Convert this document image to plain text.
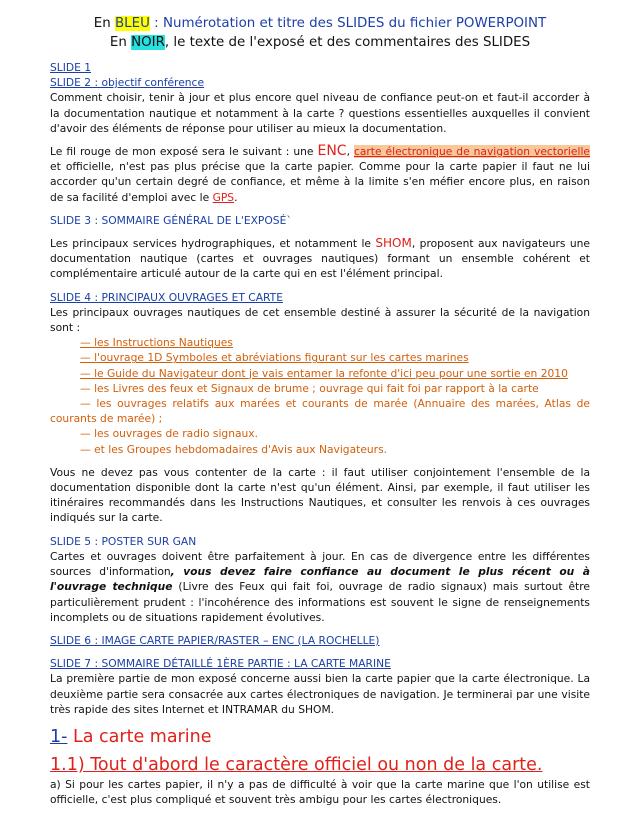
En BLEU : Numérotation et titre des SLIDES du fichier POWERPOINT
En NOIR, le texte de l'exposé et des commentaires des SLIDES

SLIDE 1

SLIDE 2 : objectif conférence

Comment choisir, tenir à jour et plus encore quel niveau de confiance peut-on et faut-il accorder à la documentation nautique et notamment à la carte ? questions essentielles auxquelles il convient d'avoir des éléments de réponse pour utiliser au mieux la documentation.

Le fil rouge de mon exposé sera le suivant : une ENC, carte électronique de navigation vectorielle et officielle, n'est pas plus précise que la carte papier. Comme pour la carte papier il faut ne lui accorder qu'un certain degré de confiance, et même à la limite s'en méfier encore plus, en raison de sa facilité d'emploi avec le GPS.

SLIDE 3 : SOMMAIRE GÉNÉRAL DE L'EXPOSÉ`

Les principaux services hydrographiques, et notamment le SHOM, proposent aux navigateurs une documentation nautique (cartes et ouvrages nautiques) formant un ensemble cohérent et complémentaire articulé autour de la carte qui en est l'élément principal.

SLIDE 4 : PRINCIPAUX OUVRAGES ET CARTE

Les principaux ouvrages nautiques de cet ensemble destiné à assurer la sécurité de la navigation sont :

— les Instructions Nautiques

— l'ouvrage 1D Symboles et abréviations figurant sur les cartes marines

— le Guide du Navigateur dont je vais entamer la refonte d'ici peu pour une sortie en 2010

— les Livres des feux et Signaux de brume ; ouvrage qui fait foi par rapport à la carte

— les ouvrages relatifs aux marées et courants de marée (Annuaire des marées, Atlas de courants de marée) ;

— les ouvrages de radio signaux.

— et les Groupes hebdomadaires d'Avis aux Navigateurs.

Vous ne devez pas vous contenter de la carte : il faut utiliser conjointement l'ensemble de la documentation disponible dont la carte n'est qu'un élément. Ainsi, par exemple, il faut utiliser les itinéraires recommandés dans les Instructions Nautiques, et consulter les renvois à ces ouvrages indiqués sur la carte.

SLIDE 5 : POSTER SUR GAN

Cartes et ouvrages doivent être parfaitement à jour. En cas de divergence entre les différentes sources d'information, vous devez faire confiance au document le plus récent ou à l'ouvrage technique (Livre des Feux qui fait foi, ouvrage de radio signaux) mais surtout être particulièrement prudent : l'incohérence des informations est souvent le signe de renseignements incomplets ou de situations rapidement évolutives.

SLIDE 6 : IMAGE CARTE PAPIER/RASTER – ENC (LA ROCHELLE)

SLIDE 7 : SOMMAIRE DÉTAILLÉ 1ÈRE PARTIE : LA CARTE MARINE

La première partie de mon exposé concerne aussi bien la carte papier que la carte électronique. La deuxième partie sera consacrée aux cartes électroniques de navigation. Je terminerai par une visite très rapide des sites Internet et INTRAMAR du SHOM.

1- La carte marine
1.1) Tout d'abord le caractère officiel ou non de la carte.

a) Si pour les cartes papier, il n'y a pas de difficulté à voir que la carte marine que l'on utilise est officielle, c'est plus compliqué et souvent très ambigu pour les cartes électroniques.
